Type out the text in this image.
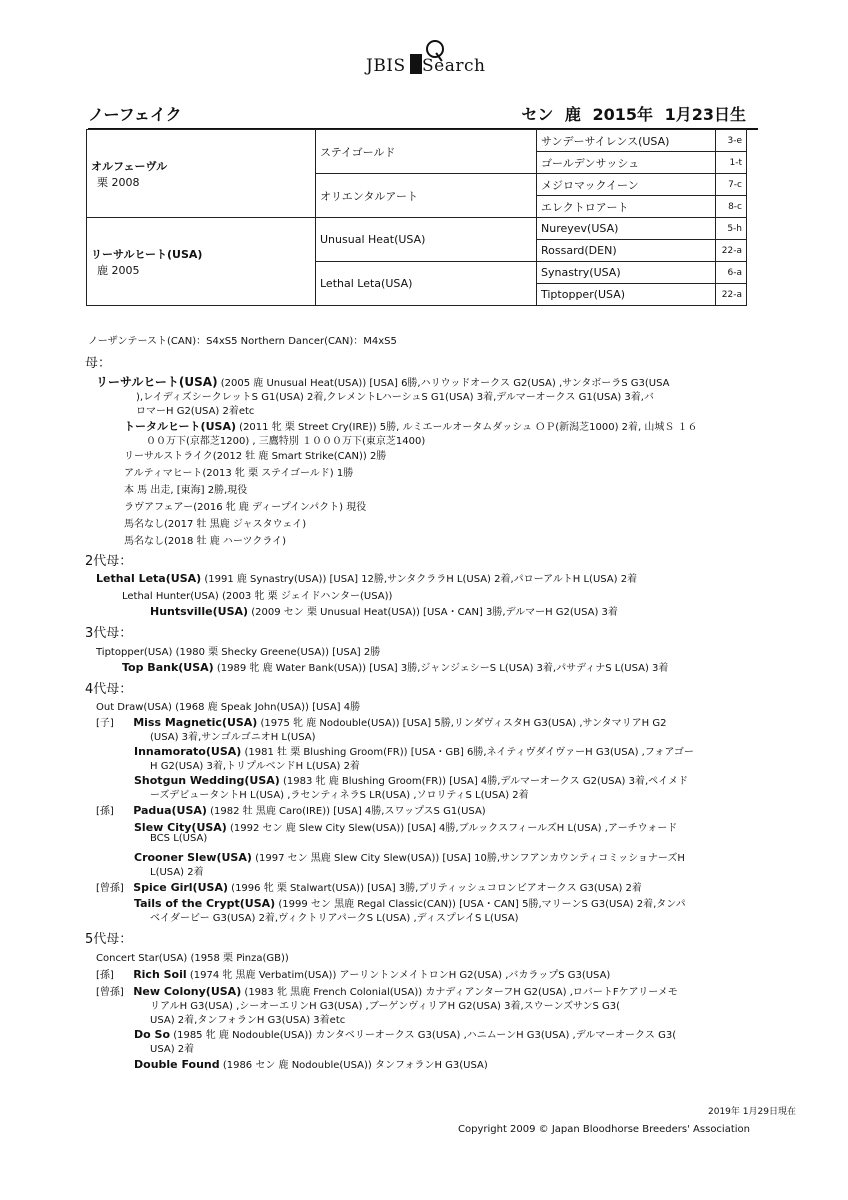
JBIS Search
ノーフェイク	セン 鹿 2015年 1月23日生
オルフェーヴル
栗 2008	ステイゴールド	サンデーサイレンス(USA)	3-e
		ゴールデンサッシュ	1-t
	オリエンタルアート	メジロマックイーン	7-c
		エレクトロアート	8-c

リーサルヒート(USA)
鹿 2005	Unusual Heat(USA)	Nureyev(USA)	5-h
		Rossard(DEN)	22-a
	Lethal Leta(USA)	Synastry(USA)	6-a
		Tiptopper(USA)	22-a
ノーザンテースト(CAN)：S4xS5 Northern Dancer(CAN)：M4xS5
母：
リーサルヒート(USA) (2005 鹿 Unusual Heat(USA)) [USA] 6勝,ハリウッドオークス G2(USA) ,サンタボーラS G3(USA
),レイディズシークレットS G1(USA) 2着,クレメントLハーシュS G1(USA) 3着,デルマーオークス G1(USA) 3着,バ
ロマーH G2(USA) 2着etc
トータルヒート(USA) (2011 牝 栗 Street Cry(IRE)) 5勝, ルミエールオータムダッシュ ＯＰ(新潟芝1000) 2着, 山城Ｓ １６
００万下(京都芝1200) , 三鷹特別 １０００万下(東京芝1400)
リーサルストライク(2012 牡 鹿 Smart Strike(CAN)) 2勝
アルティマヒート(2013 牝 栗 ステイゴールド) 1勝
本 馬 出走, [東海] 2勝,現役
ラヴアフェアー(2016 牝 鹿 ディープインパクト) 現役
馬名なし(2017 牡 黒鹿 ジャスタウェイ)
馬名なし(2018 牡 鹿 ハーツクライ)
2代母：
Lethal Leta(USA) (1991 鹿 Synastry(USA)) [USA] 12勝,サンタクララH L(USA) 2着,パローアルトH L(USA) 2着
Lethal Hunter(USA) (2003 牝 栗 ジェイドハンター(USA))
Huntsville(USA) (2009 セン 栗 Unusual Heat(USA)) [USA・CAN] 3勝,デルマーH G2(USA) 3着
3代母：
Tiptopper(USA) (1980 栗 Shecky Greene(USA)) [USA] 2勝
Top Bank(USA) (1989 牝 鹿 Water Bank(USA)) [USA] 3勝,ジャンジェシーS L(USA) 3着,パサディナS L(USA) 3着
4代母：
Out Draw(USA) (1968 鹿 Speak John(USA)) [USA] 4勝
[子] Miss Magnetic(USA) (1975 牝 鹿 Nodouble(USA)) [USA] 5勝,リンダヴィスタH G3(USA) ,サンタマリアH G2
(USA) 3着,サンゴルゴニオH L(USA)
Innamorato(USA) (1981 牡 栗 Blushing Groom(FR)) [USA・GB] 6勝,ネイティヴダイヴァーH G3(USA) ,フォアゴー
H G2(USA) 3着,トリプルベンドH L(USA) 2着
Shotgun Wedding(USA) (1983 牝 鹿 Blushing Groom(FR)) [USA] 4勝,デルマーオークス G2(USA) 3着,ペイメド
ーズデビュータントH L(USA) ,ラセンティネラS LR(USA) ,ソロリティS L(USA) 2着
[孫] Padua(USA) (1982 牡 黒鹿 Caro(IRE)) [USA] 4勝,スワップスS G1(USA)
Slew City(USA) (1992 セン 鹿 Slew City Slew(USA)) [USA] 4勝,ブルックスフィールズH L(USA) ,アーチウォード
BCS L(USA)
Crooner Slew(USA) (1997 セン 黒鹿 Slew City Slew(USA)) [USA] 10勝,サンフアンカウンティコミッショナーズH
L(USA) 2着
[曾孫] Spice Girl(USA) (1996 牝 栗 Stalwart(USA)) [USA] 3勝,ブリティッシュコロンビアオークス G3(USA) 2着
Tails of the Crypt(USA) (1999 セン 黒鹿 Regal Classic(CAN)) [USA・CAN] 5勝,マリーンS G3(USA) 2着,タンパ
ベイダービー G3(USA) 2着,ヴィクトリアパークS L(USA) ,ディスプレイS L(USA)
5代母：
Concert Star(USA) (1958 栗 Pinza(GB))
[孫] Rich Soil (1974 牝 黒鹿 Verbatim(USA)) アーリントンメイトロンH G2(USA) ,バカラップS G3(USA)
[曾孫] New Colony(USA) (1983 牝 黒鹿 French Colonial(USA)) カナディアンターフH G2(USA) ,ロバートFケアリーメモ
リアルH G3(USA) ,シーオーエリンH G3(USA) ,ブーゲンヴィリアH G2(USA) 3着,スウーンズサンS G3(
USA) 2着,タンフォランH G3(USA) 3着etc
Do So (1985 牝 鹿 Nodouble(USA)) カンタベリーオークス G3(USA) ,ハニムーンH G3(USA) ,デルマーオークス G3(
USA) 2着
Double Found (1986 セン 鹿 Nodouble(USA)) タンフォランH G3(USA)
2019年 1月29日現在
Copyright 2009 © Japan Bloodhorse Breeders' Association
